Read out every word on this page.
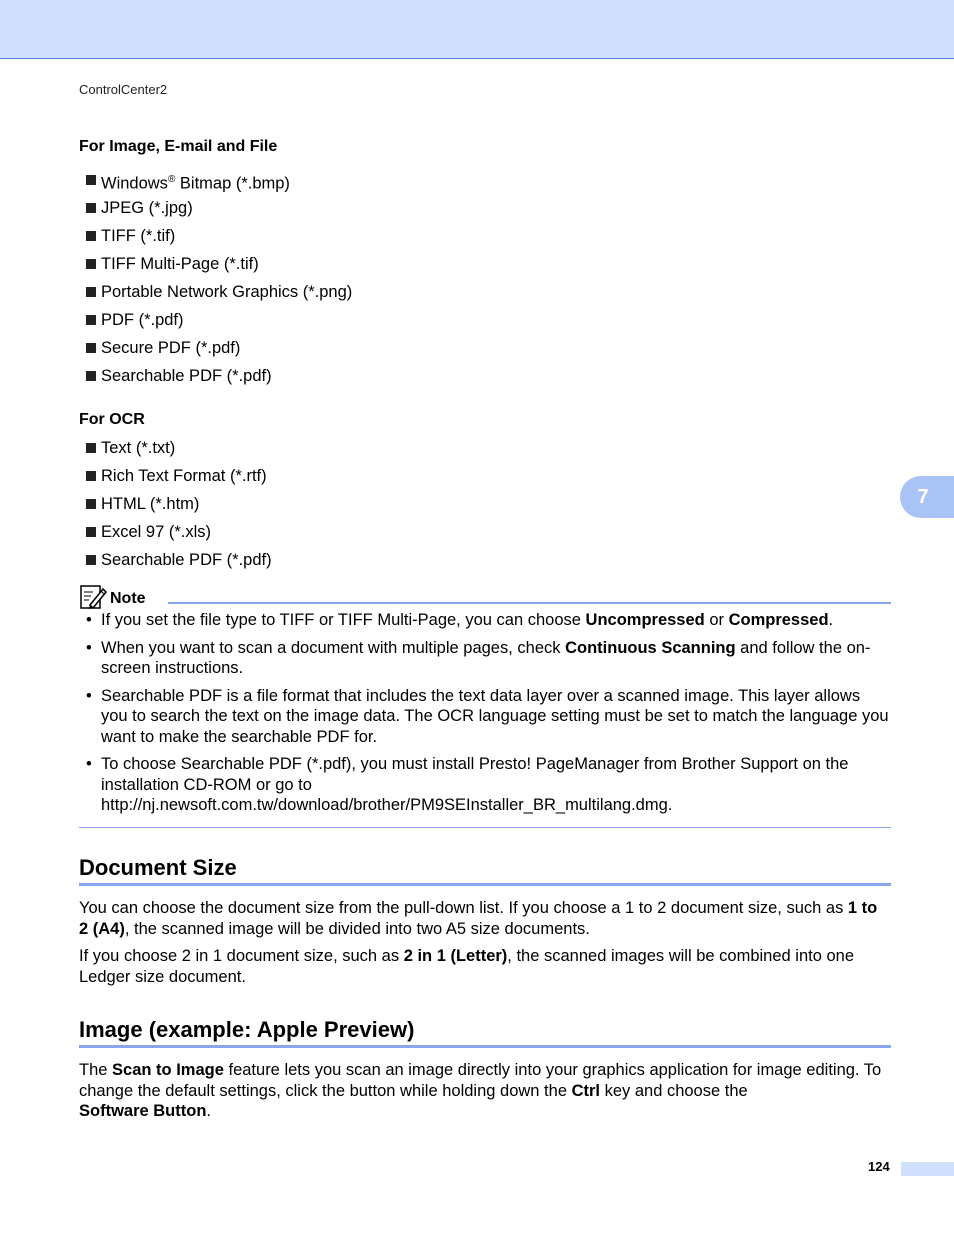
ControlCenter2
For Image, E-mail and File
Windows® Bitmap (*.bmp)
JPEG (*.jpg)
TIFF (*.tif)
TIFF Multi-Page (*.tif)
Portable Network Graphics (*.png)
PDF (*.pdf)
Secure PDF (*.pdf)
Searchable PDF (*.pdf)
For OCR
Text (*.txt)
Rich Text Format (*.rtf)
HTML (*.htm)
Excel 97 (*.xls)
Searchable PDF (*.pdf)
7
Note
• If you set the file type to TIFF or TIFF Multi-Page, you can choose Uncompressed or Compressed.
• When you want to scan a document with multiple pages, check Continuous Scanning and follow the on-screen instructions.
• Searchable PDF is a file format that includes the text data layer over a scanned image. This layer allows you to search the text on the image data. The OCR language setting must be set to match the language you want to make the searchable PDF for.
• To choose Searchable PDF (*.pdf), you must install Presto! PageManager from Brother Support on the installation CD-ROM or go to
http://nj.newsoft.com.tw/download/brother/PM9SEInstaller_BR_multilang.dmg.
Document Size
You can choose the document size from the pull-down list. If you choose a 1 to 2 document size, such as 1 to 2 (A4), the scanned image will be divided into two A5 size documents.
If you choose 2 in 1 document size, such as 2 in 1 (Letter), the scanned images will be combined into one Ledger size document.
Image (example: Apple Preview)
The Scan to Image feature lets you scan an image directly into your graphics application for image editing. To change the default settings, click the button while holding down the Ctrl key and choose the
Software Button.
124
